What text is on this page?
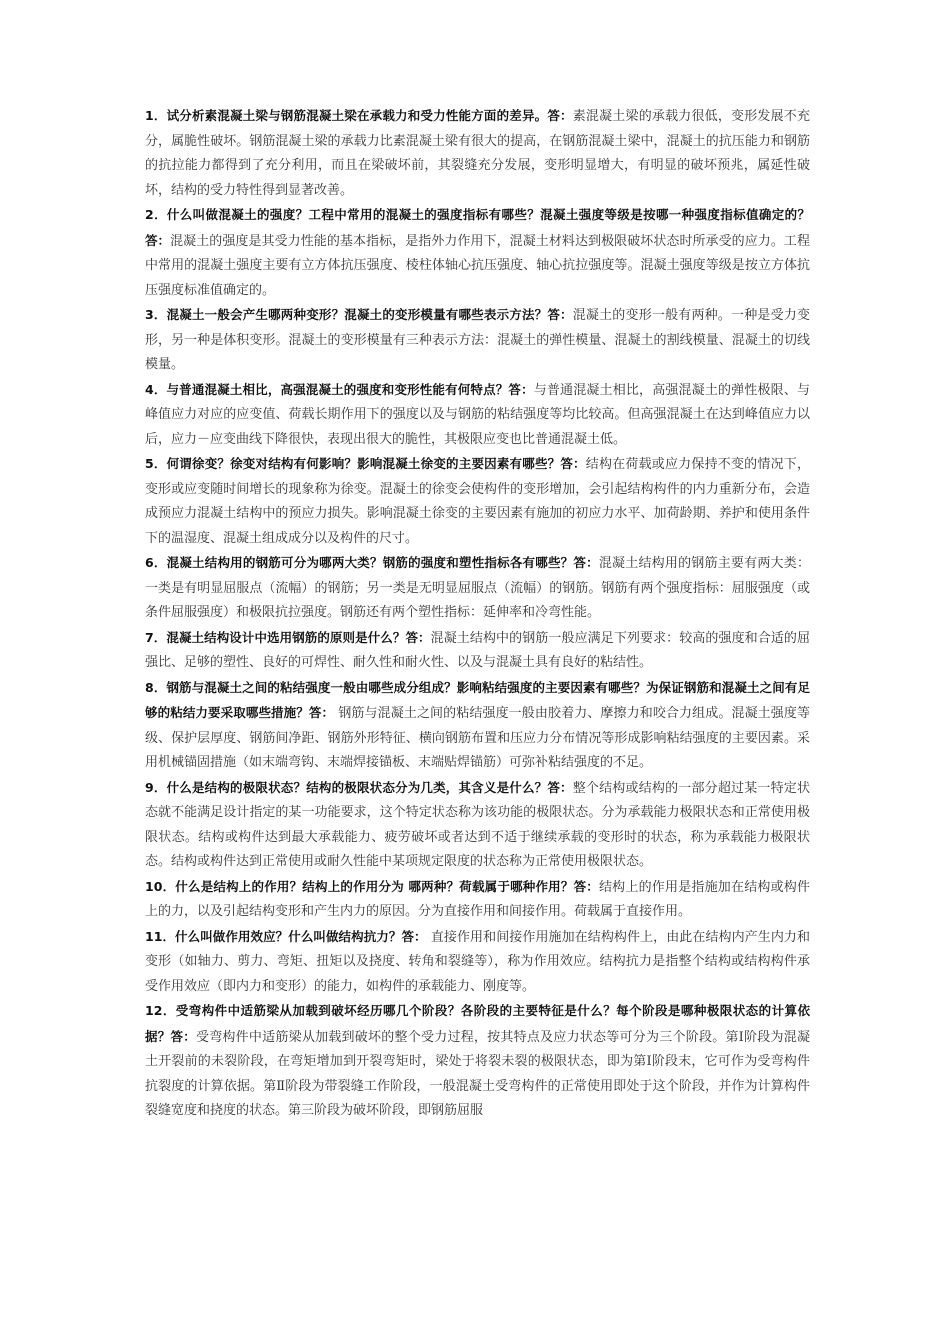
1．试分析素混凝土梁与钢筋混凝土梁在承载力和受力性能方面的差异。答：素混凝土梁的承载力很低，变形发展不充分，属脆性破坏。钢筋混凝土梁的承载力比素混凝土梁有很大的提高，在钢筋混凝土梁中，混凝土的抗压能力和钢筋的抗拉能力都得到了充分利用，而且在梁破坏前，其裂缝充分发展，变形明显增大，有明显的破坏预兆，属延性破坏，结构的受力特性得到显著改善。

2．什么叫做混凝土的强度？工程中常用的混凝土的强度指标有哪些？混凝土强度等级是按哪一种强度指标值确定的？答：混凝土的强度是其受力性能的基本指标，是指外力作用下，混凝土材料达到极限破坏状态时所承受的应力。工程中常用的混凝土强度主要有立方体抗压强度、棱柱体轴心抗压强度、轴心抗拉强度等。混凝土强度等级是按立方体抗压强度标准值确定的。

3．混凝土一般会产生哪两种变形？混凝土的变形模量有哪些表示方法？答：混凝土的变形一般有两种。一种是受力变形，另一种是体积变形。混凝土的变形模量有三种表示方法：混凝土的弹性模量、混凝土的割线模量、混凝土的切线模量。

4．与普通混凝土相比，高强混凝土的强度和变形性能有何特点？答：与普通混凝土相比，高强混凝土的弹性极限、与峰值应力对应的应变值、荷载长期作用下的强度以及与钢筋的粘结强度等均比较高。但高强混凝土在达到峰值应力以后，应力－应变曲线下降很快，表现出很大的脆性，其极限应变也比普通混凝土低。

5．何谓徐变？徐变对结构有何影响？影响混凝土徐变的主要因素有哪些？答：结构在荷载或应力保持不变的情况下，变形或应变随时间增长的现象称为徐变。混凝土的徐变会使构件的变形增加，会引起结构构件的内力重新分布，会造成预应力混凝土结构中的预应力损失。影响混凝土徐变的主要因素有施加的初应力水平、加荷龄期、养护和使用条件下的温湿度、混凝土组成成分以及构件的尺寸。

6．混凝土结构用的钢筋可分为哪两大类？钢筋的强度和塑性指标各有哪些？答：混凝土结构用的钢筋主要有两大类：一类是有明显屈服点（流幅）的钢筋；另一类是无明显屈服点（流幅）的钢筋。钢筋有两个强度指标：屈服强度（或条件屈服强度）和极限抗拉强度。钢筋还有两个塑性指标：延伸率和冷弯性能。

7．混凝土结构设计中选用钢筋的原则是什么？答：混凝土结构中的钢筋一般应满足下列要求：较高的强度和合适的屈强比、足够的塑性、良好的可焊性、耐久性和耐火性、以及与混凝土具有良好的粘结性。

8．钢筋与混凝土之间的粘结强度一般由哪些成分组成？影响粘结强度的主要因素有哪些？为保证钢筋和混凝土之间有足够的粘结力要采取哪些措施？答： 钢筋与混凝土之间的粘结强度一般由胶着力、摩擦力和咬合力组成。混凝土强度等级、保护层厚度、钢筋间净距、钢筋外形特征、横向钢筋布置和压应力分布情况等形成影响粘结强度的主要因素。采用机械锚固措施（如末端弯钩、末端焊接锚板、末端贴焊锚筋）可弥补粘结强度的不足。

9．什么是结构的极限状态？结构的极限状态分为几类，其含义是什么？答：整个结构或结构的一部分超过某一特定状态就不能满足设计指定的某一功能要求，这个特定状态称为该功能的极限状态。分为承载能力极限状态和正常使用极限状态。结构或构件达到最大承载能力、疲劳破坏或者达到不适于继续承载的变形时的状态，称为承载能力极限状态。结构或构件达到正常使用或耐久性能中某项规定限度的状态称为正常使用极限状态。

10．什么是结构上的作用？结构上的作用分为 哪两种？荷载属于哪种作用？答：结构上的作用是指施加在结构或构件上的力，以及引起结构变形和产生内力的原因。分为直接作用和间接作用。荷载属于直接作用。

11．什么叫做作用效应？什么叫做结构抗力？答： 直接作用和间接作用施加在结构构件上，由此在结构内产生内力和变形（如轴力、剪力、弯矩、扭矩以及挠度、转角和裂缝等），称为作用效应。结构抗力是指整个结构或结构构件承受作用效应（即内力和变形）的能力，如构件的承载能力、刚度等。

12．受弯构件中适筋梁从加载到破坏经历哪几个阶段？各阶段的主要特征是什么？每个阶段是哪种极限状态的计算依据？答：受弯构件中适筋梁从加载到破坏的整个受力过程，按其特点及应力状态等可分为三个阶段。第Ⅰ阶段为混凝土开裂前的未裂阶段，在弯矩增加到开裂弯矩时，梁处于将裂未裂的极限状态，即为第Ⅰ阶段末，它可作为受弯构件抗裂度的计算依据。第Ⅱ阶段为带裂缝工作阶段，一般混凝土受弯构件的正常使用即处于这个阶段，并作为计算构件裂缝宽度和挠度的状态。第三阶段为破坏阶段，即钢筋屈服
